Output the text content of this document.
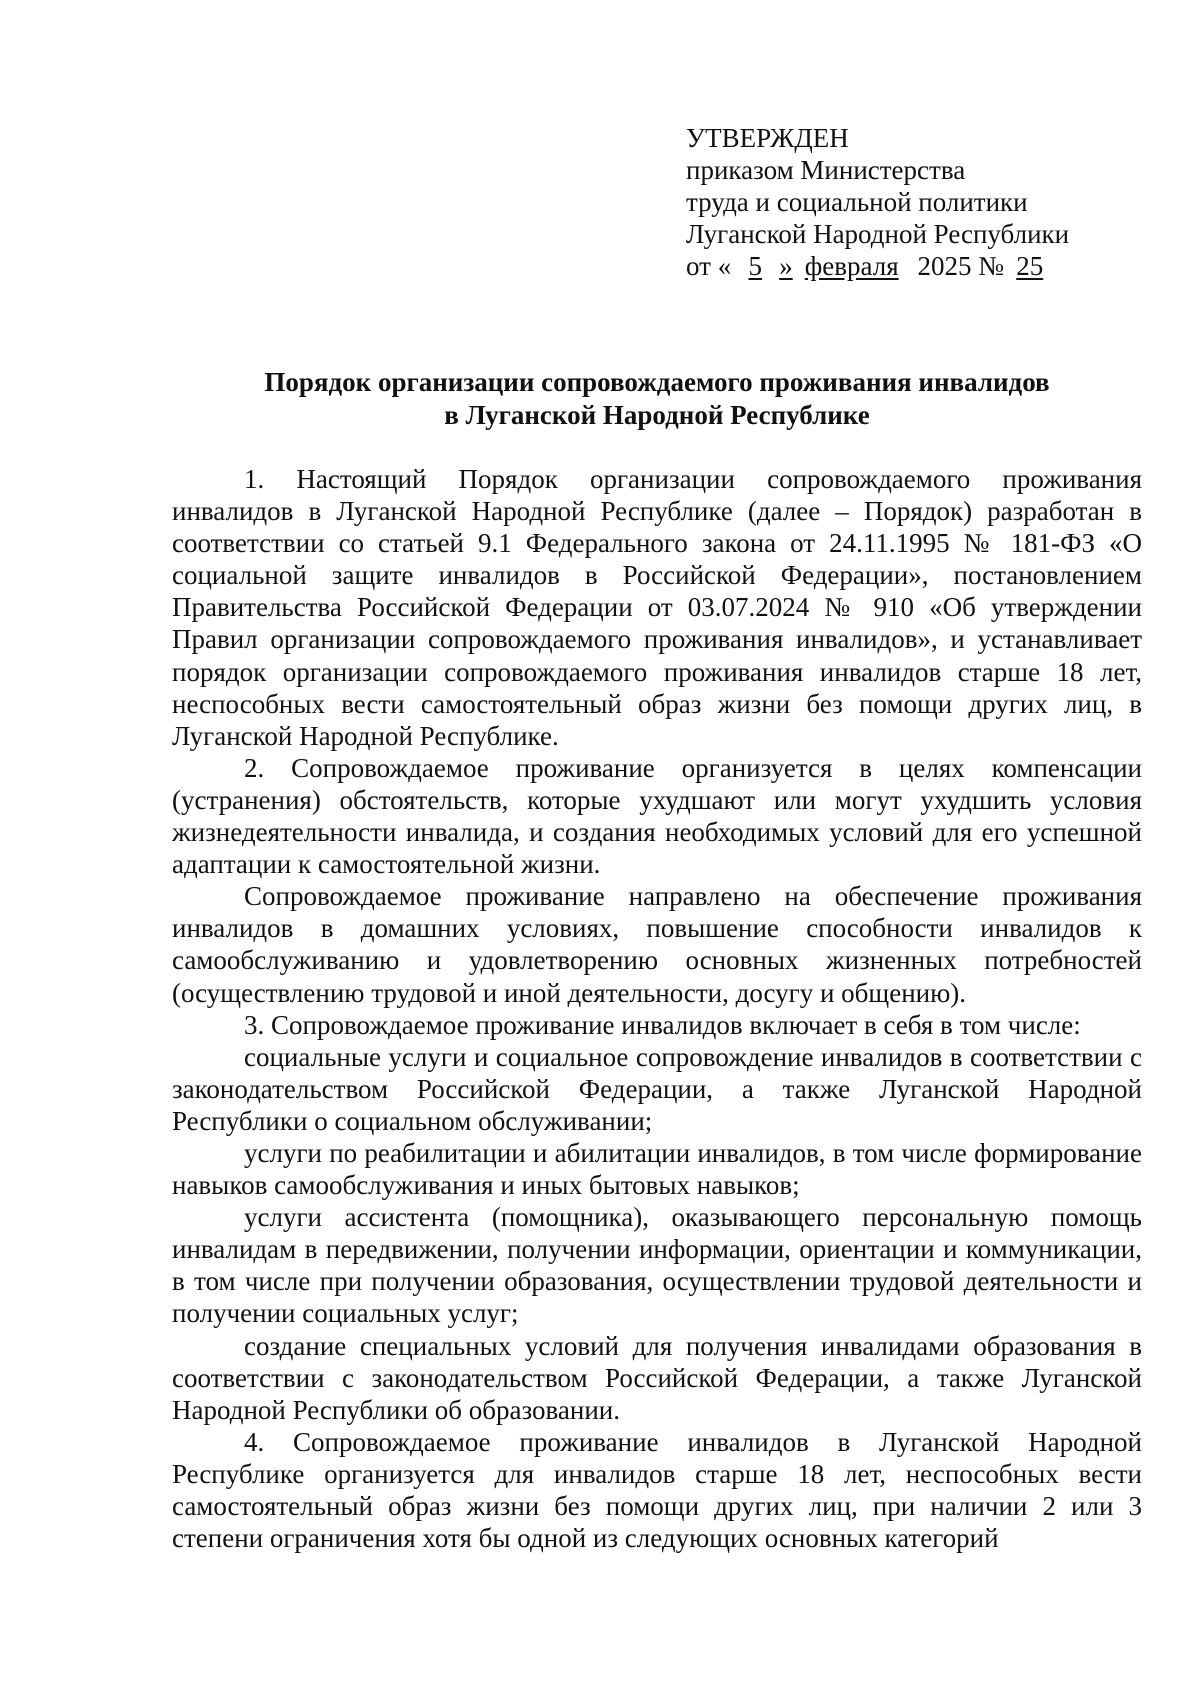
УТВЕРЖДЕН
приказом Министерства
труда и социальной политики
Луганской Народной Республики
от « 5 » февраля 2025 № 25
Порядок организации сопровождаемого проживания инвалидов
в Луганской Народной Республике

1. Настоящий Порядок организации сопровождаемого проживания инвалидов в Луганской Народной Республике (далее – Порядок) разработан в соответствии со статьей 9.1 Федерального закона от 24.11.1995 № 181-ФЗ «О социальной защите инвалидов в Российской Федерации», постановлением Правительства Российской Федерации от 03.07.2024 № 910 «Об утверждении Правил организации сопровождаемого проживания инвалидов», и устанавливает порядок организации сопровождаемого проживания инвалидов старше 18 лет, неспособных вести самостоятельный образ жизни без помощи других лиц, в Луганской Народной Республике.

2. Сопровождаемое проживание организуется в целях компенсации (устранения) обстоятельств, которые ухудшают или могут ухудшить условия жизнедеятельности инвалида, и создания необходимых условий для его успешной адаптации к самостоятельной жизни.

Сопровождаемое проживание направлено на обеспечение проживания инвалидов в домашних условиях, повышение способности инвалидов к самообслуживанию и удовлетворению основных жизненных потребностей (осуществлению трудовой и иной деятельности, досугу и общению).

3. Сопровождаемое проживание инвалидов включает в себя в том числе:

социальные услуги и социальное сопровождение инвалидов в соответствии с законодательством Российской Федерации, а также Луганской Народной Республики о социальном обслуживании;

услуги по реабилитации и абилитации инвалидов, в том числе формирование навыков самообслуживания и иных бытовых навыков;

услуги ассистента (помощника), оказывающего персональную помощь инвалидам в передвижении, получении информации, ориентации и коммуникации, в том числе при получении образования, осуществлении трудовой деятельности и получении социальных услуг;

создание специальных условий для получения инвалидами образования в соответствии с законодательством Российской Федерации, а также Луганской Народной Республики об образовании.

4. Сопровождаемое проживание инвалидов в Луганской Народной Республике организуется для инвалидов старше 18 лет, неспособных вести самостоятельный образ жизни без помощи других лиц, при наличии 2 или 3 степени ограничения хотя бы одной из следующих основных категорий
